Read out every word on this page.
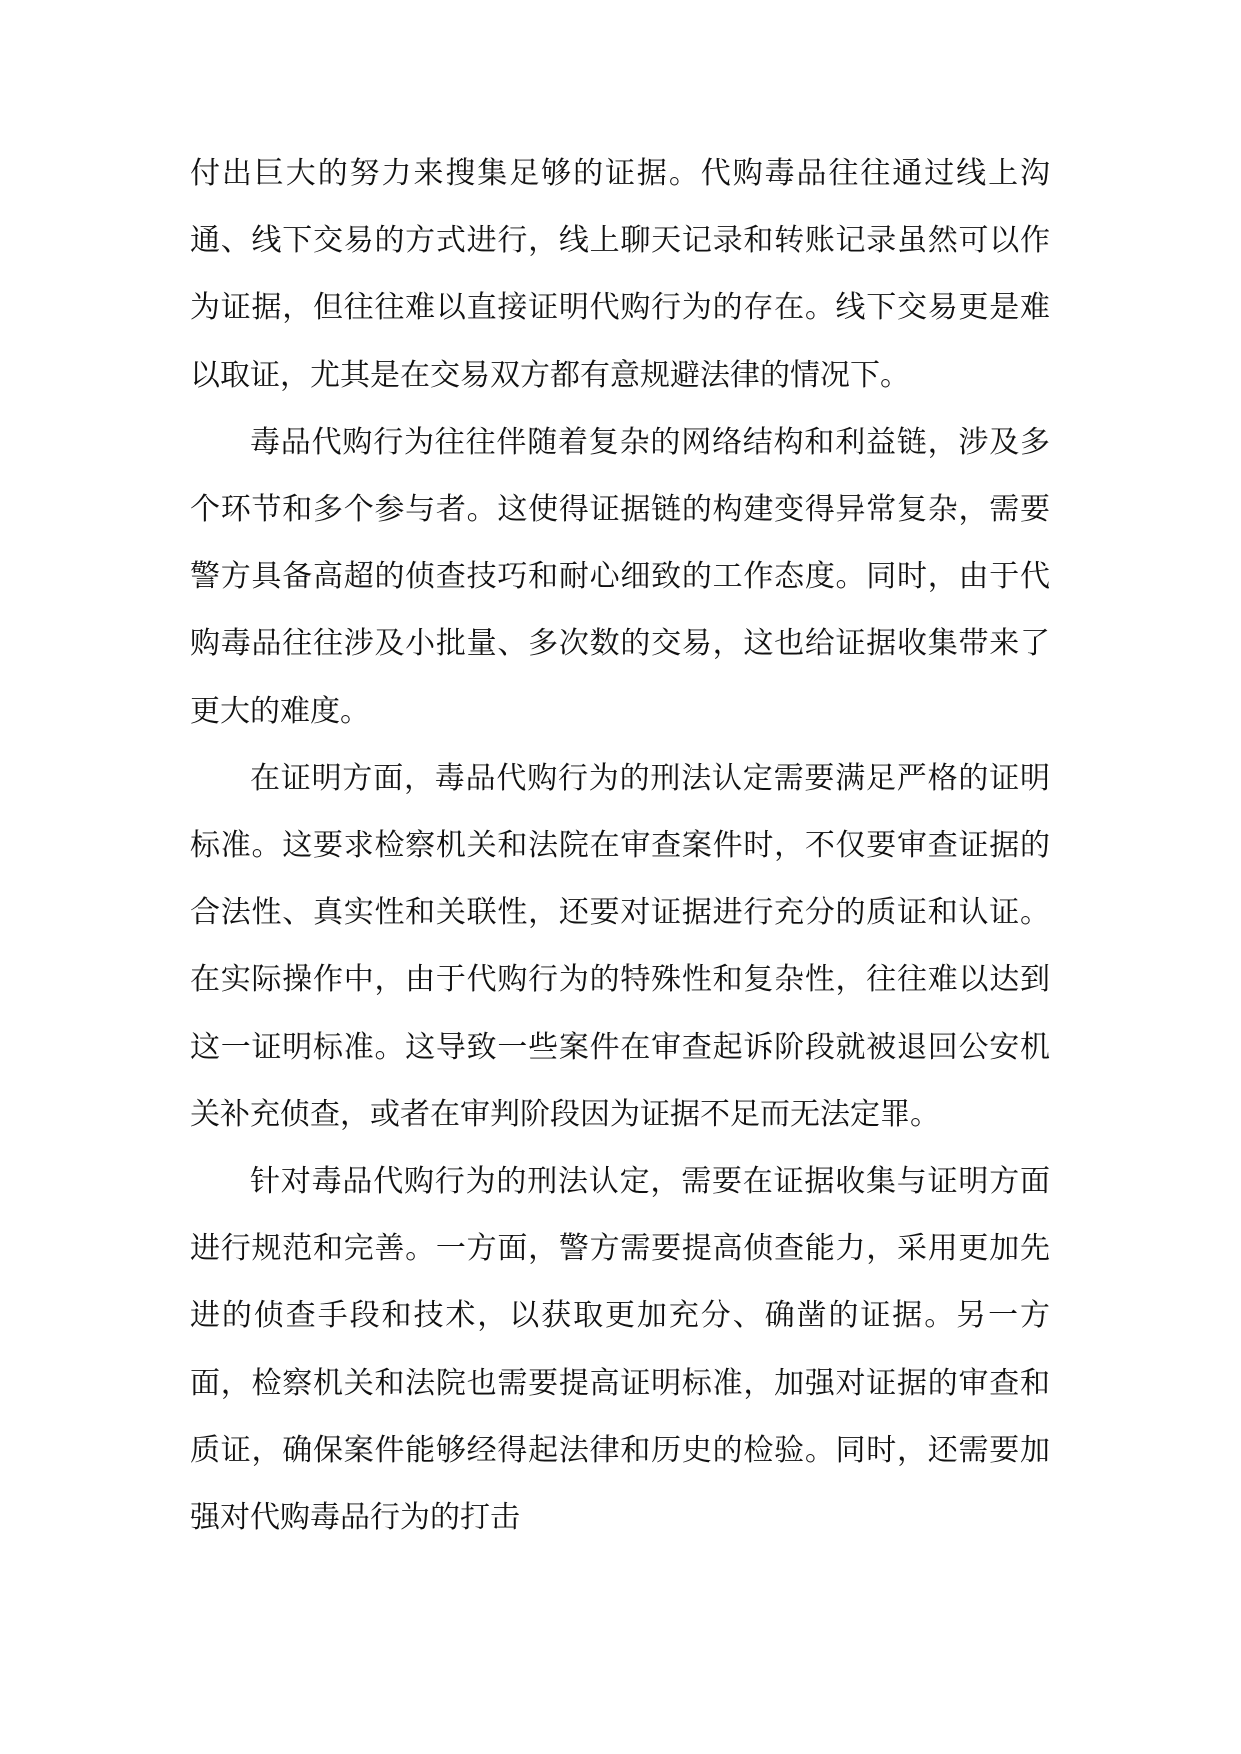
付出巨大的努力来搜集足够的证据。代购毒品往往通过线上沟通、线下交易的方式进行，线上聊天记录和转账记录虽然可以作为证据，但往往难以直接证明代购行为的存在。线下交易更是难以取证，尤其是在交易双方都有意规避法律的情况下。

毒品代购行为往往伴随着复杂的网络结构和利益链，涉及多个环节和多个参与者。这使得证据链的构建变得异常复杂，需要警方具备高超的侦查技巧和耐心细致的工作态度。同时，由于代购毒品往往涉及小批量、多次数的交易，这也给证据收集带来了更大的难度。

在证明方面，毒品代购行为的刑法认定需要满足严格的证明标准。这要求检察机关和法院在审查案件时，不仅要审查证据的合法性、真实性和关联性，还要对证据进行充分的质证和认证。在实际操作中，由于代购行为的特殊性和复杂性，往往难以达到这一证明标准。这导致一些案件在审查起诉阶段就被退回公安机关补充侦查，或者在审判阶段因为证据不足而无法定罪。

针对毒品代购行为的刑法认定，需要在证据收集与证明方面进行规范和完善。一方面，警方需要提高侦查能力，采用更加先进的侦查手段和技术，以获取更加充分、确凿的证据。另一方面，检察机关和法院也需要提高证明标准，加强对证据的审查和质证，确保案件能够经得起法律和历史的检验。同时，还需要加强对代购毒品行为的打击
